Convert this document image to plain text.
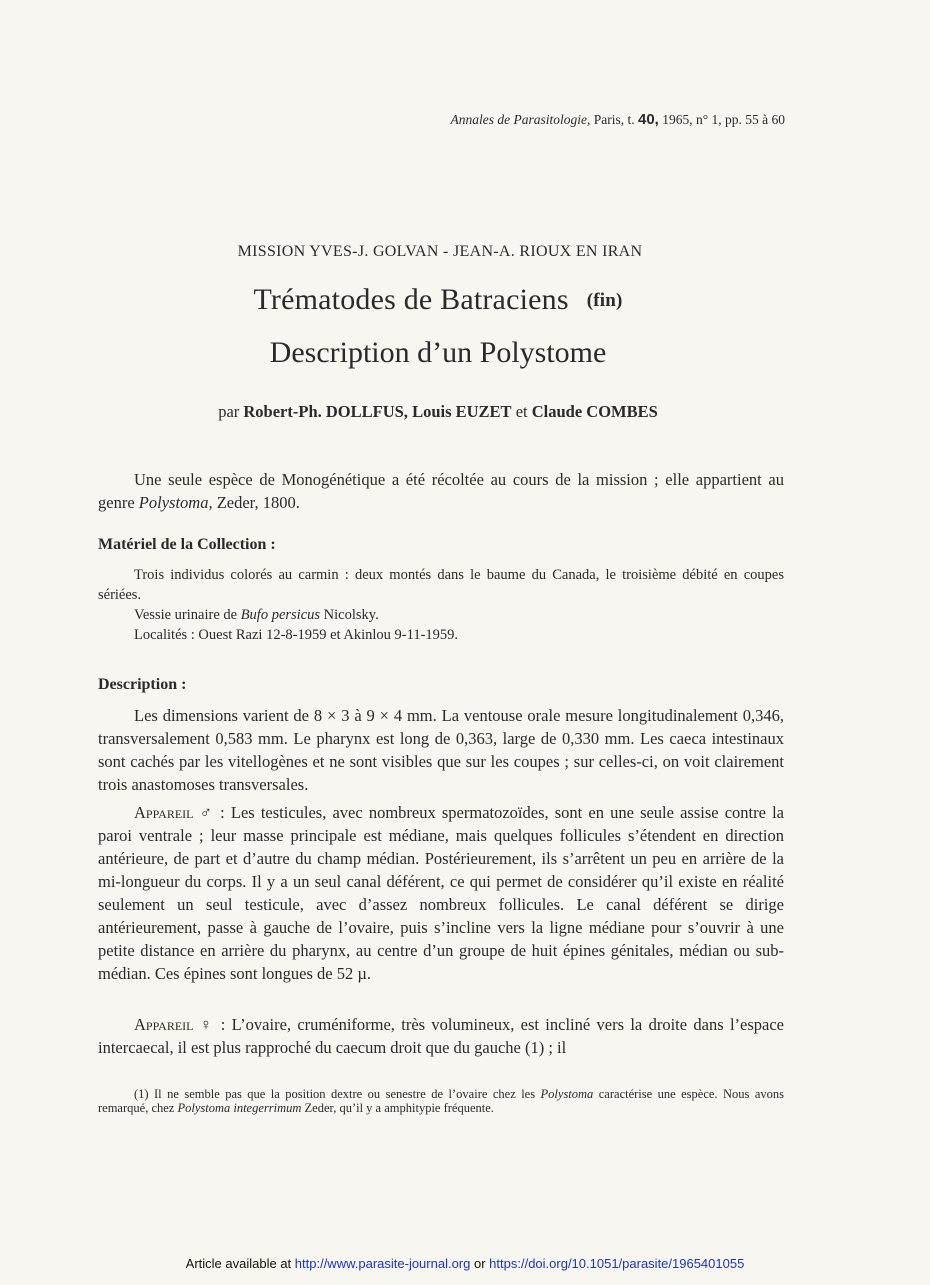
Annales de Parasitologie, Paris, t. 40, 1965, n° 1, pp. 55 à 60
MISSION YVES-J. GOLVAN - JEAN-A. RIOUX EN IRAN
Trématodes de Batraciens (fin)
Description d’un Polystome
par Robert-Ph. DOLLFUS, Louis EUZET et Claude COMBES

Une seule espèce de Monogénétique a été récoltée au cours de la mission ; elle appartient au genre Polystoma, Zeder, 1800.

Matériel de la Collection :

Trois individus colorés au carmin : deux montés dans le baume du Canada, le troisième débité en coupes sériées.

Vessie urinaire de Bufo persicus Nicolsky.

Localités : Ouest Razi 12-8-1959 et Akinlou 9-11-1959.

Description :

Les dimensions varient de 8 × 3 à 9 × 4 mm. La ventouse orale mesure longitudinalement 0,346, transversalement 0,583 mm. Le pharynx est long de 0,363, large de 0,330 mm. Les caeca intestinaux sont cachés par les vitellogènes et ne sont visibles que sur les coupes ; sur celles-ci, on voit clairement trois anastomoses transversales.

Appareil ♂ : Les testicules, avec nombreux spermatozoïdes, sont en une seule assise contre la paroi ventrale ; leur masse principale est médiane, mais quelques follicules s’étendent en direction antérieure, de part et d’autre du champ médian. Postérieurement, ils s’arrêtent un peu en arrière de la mi-longueur du corps. Il y a un seul canal déférent, ce qui permet de considérer qu’il existe en réalité seulement un seul testicule, avec d’assez nombreux follicules. Le canal déférent se dirige antérieurement, passe à gauche de l’ovaire, puis s’incline vers la ligne médiane pour s’ouvrir à une petite distance en arrière du pharynx, au centre d’un groupe de huit épines génitales, médian ou sub-médian. Ces épines sont longues de 52 µ.

Appareil ♀ : L’ovaire, cruméniforme, très volumineux, est incliné vers la droite dans l’espace intercaecal, il est plus rapproché du caecum droit que du gauche (1) ; il

(1) Il ne semble pas que la position dextre ou senestre de l’ovaire chez les Polystoma caractérise une espèce. Nous avons remarqué, chez Polystoma integerrimum Zeder, qu’il y a amphitypie fréquente.

Article available at http://www.parasite-journal.org or https://doi.org/10.1051/parasite/1965401055
